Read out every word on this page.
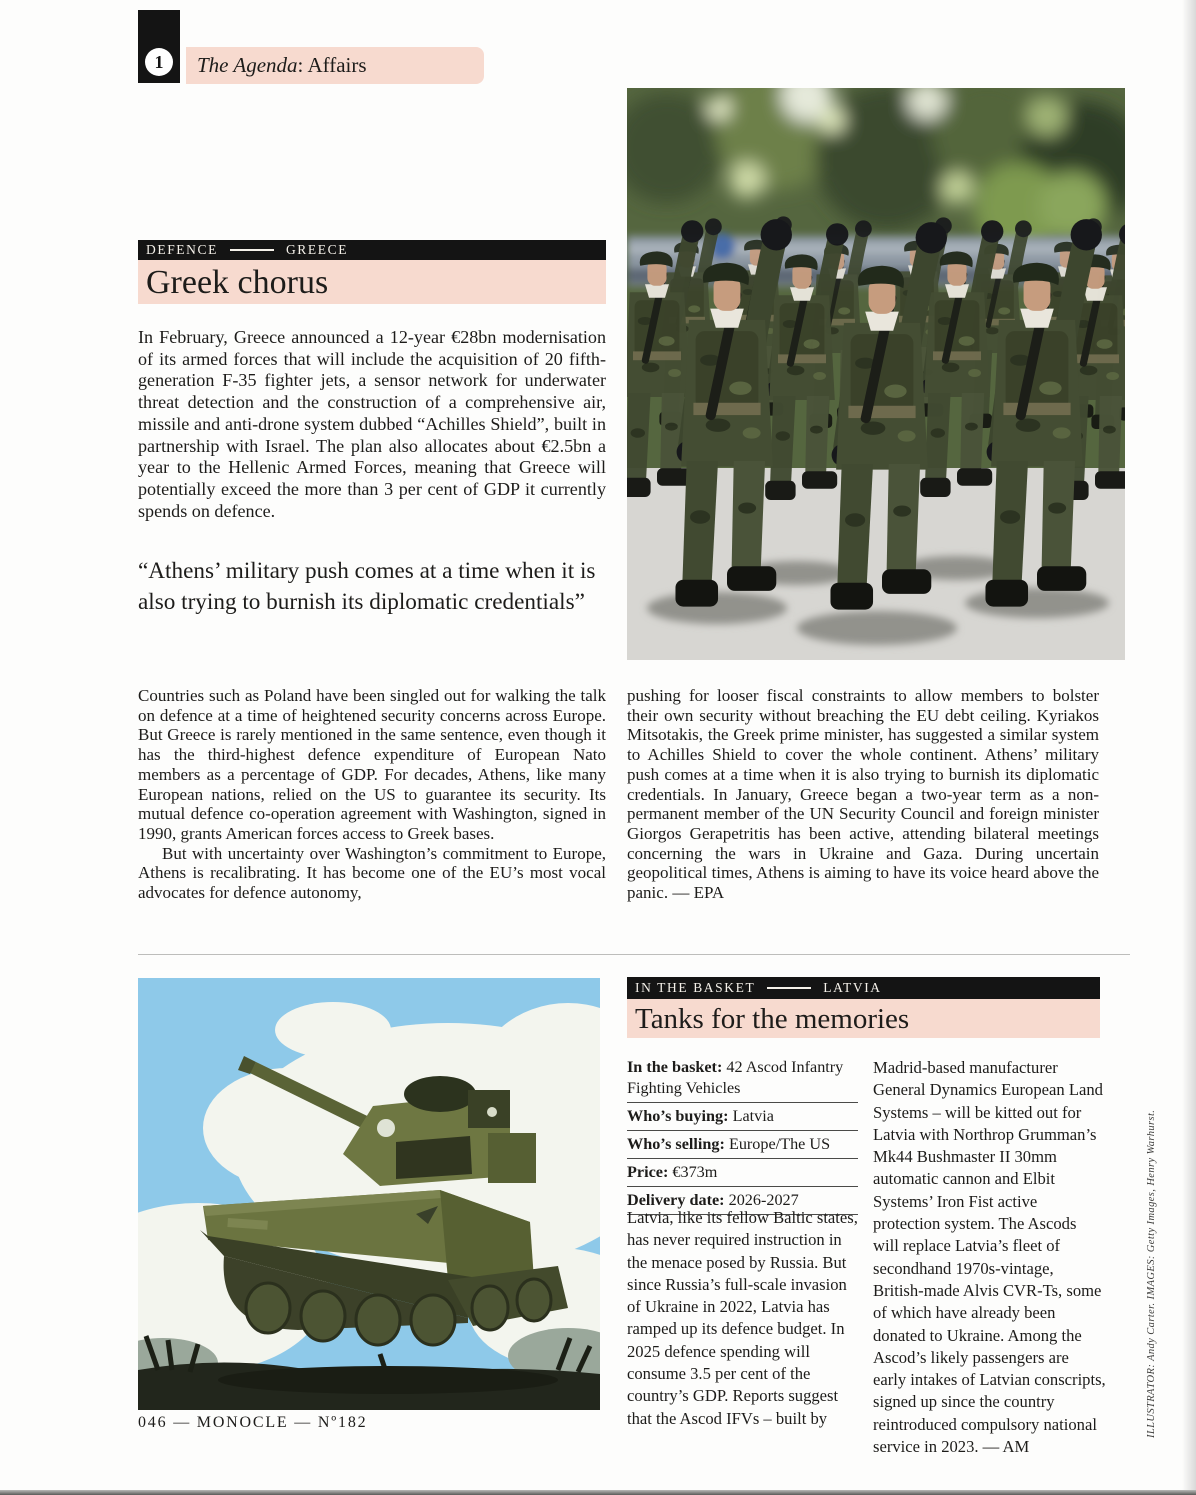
1	The Agenda: Affairs
DEFENCE	GREECE
Greek chorus
In February, Greece announced a 12-year €28bn modernisation of its armed forces that will include the acquisition of 20 fifth-generation F-35 fighter jets, a sensor network for underwater threat detection and the construction of a comprehensive air, missile and anti-drone system dubbed “Achilles Shield”, built in partnership with Israel. The plan also allocates about €2.5bn a year to the Hellenic Armed Forces, meaning that Greece will potentially exceed the more than 3 per cent of GDP it currently spends on defence.
“Athens’ military push comes at a time when it is also trying to burnish its diplomatic credentials”

Countries such as Poland have been singled out for walking the talk on defence at a time of heightened security concerns across Europe. But Greece is rarely mentioned in the same sentence, even though it has the third-highest defence expenditure of European Nato members as a percentage of GDP. For decades, Athens, like many European nations, relied on the US to guarantee its security. Its mutual defence co-operation agreement with Washington, signed in 1990, grants American forces access to Greek bases.

But with uncertainty over Washington’s commitment to Europe, Athens is recalibrating. It has become one of the EU’s most vocal advocates for defence autonomy,

pushing for looser fiscal constraints to allow members to bolster their own security without breaching the EU debt ceiling. Kyriakos Mitsotakis, the Greek prime minister, has suggested a similar system to Achilles Shield to cover the whole continent. Athens’ military push comes at a time when it is also trying to burnish its diplomatic credentials. In January, Greece began a two-year term as a non-permanent member of the UN Security Council and foreign minister Giorgos Gerapetritis has been active, attending bilateral meetings concerning the wars in Ukraine and Gaza. During uncertain geopolitical times, Athens is aiming to have its voice heard above the panic. — EPA

IN THE BASKET	LATVIA
Tanks for the memories
In the basket: 42 Ascod Infantry Fighting Vehicles
Who’s buying: Latvia
Who’s selling: Europe/The US
Price: €373m
Delivery date: 2026-2027

Latvia, like its fellow Baltic states, has never required instruction in the menace posed by Russia. But since Russia’s full-scale invasion of Ukraine in 2022, Latvia has ramped up its defence budget. In 2025 defence spending will consume 3.5 per cent of the country’s GDP. Reports suggest that the Ascod IFVs – built by

Madrid-based manufacturer General Dynamics European Land Systems – will be kitted out for Latvia with Northrop Grumman’s Mk44 Bushmaster II 30mm automatic cannon and Elbit Systems’ Iron Fist active protection system. The Ascods will replace Latvia’s fleet of secondhand 1970s-vintage, British-made Alvis CVR-Ts, some of which have already been donated to Ukraine. Among the Ascod’s likely passengers are early intakes of Latvian conscripts, signed up since the country reintroduced compulsory national service in 2023. — AM

046 — MONOCLE — Nº182	ILLUSTRATOR: Andy Carter. IMAGES: Getty Images, Henry Warhurst.
